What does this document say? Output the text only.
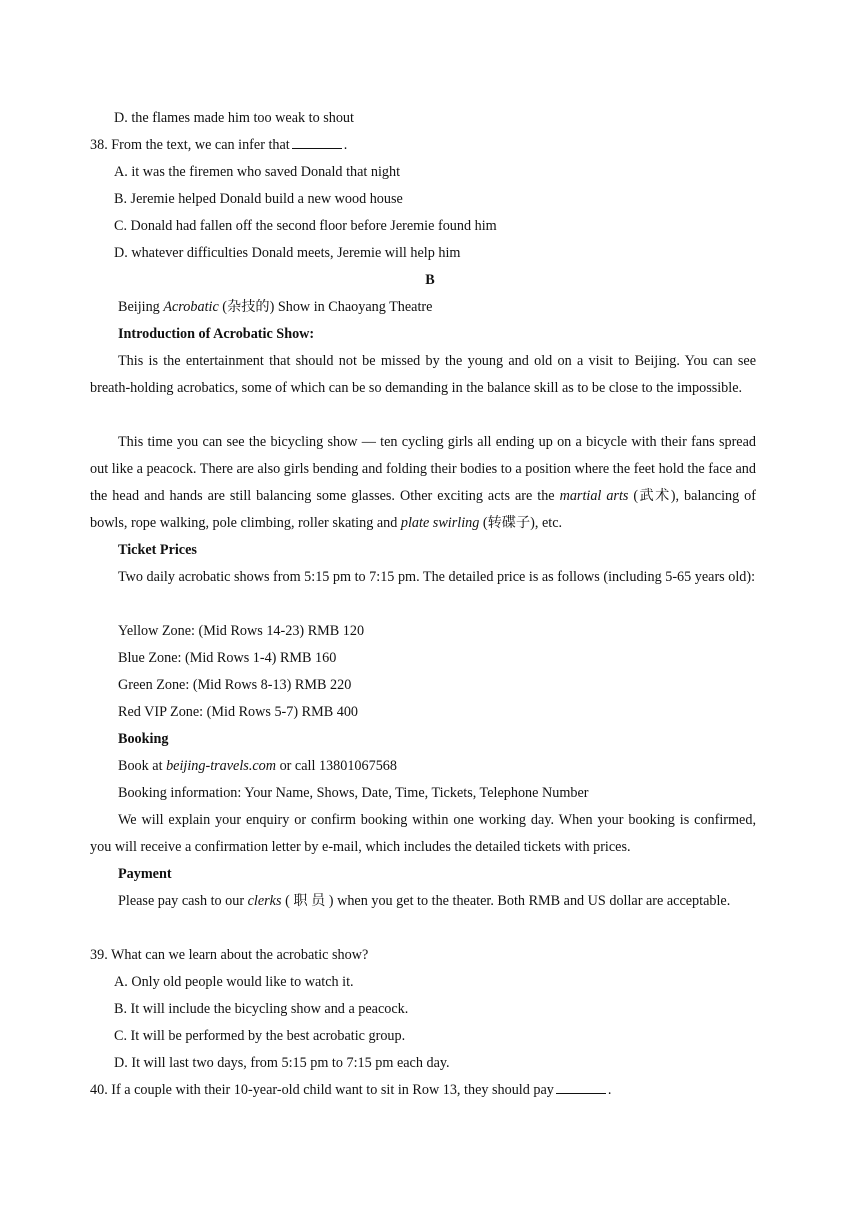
D. the flames made him too weak to shout
38. From the text, we can infer that	.
A. it was the firemen who saved Donald that night
B. Jeremie helped Donald build a new wood house
C. Donald had fallen off the second floor before Jeremie found him
D. whatever difficulties Donald meets, Jeremie will help him
B
Beijing Acrobatic (杂技的) Show in Chaoyang Theatre
Introduction of Acrobatic Show:
This is the entertainment that should not be missed by the young and old on a visit to Beijing. You can see breath-holding acrobatics, some of which can be so demanding in the balance skill as to be close to the impossible.
This time you can see the bicycling show — ten cycling girls all ending up on a bicycle with their fans spread out like a peacock. There are also girls bending and folding their bodies to a position where the feet hold the face and the head and hands are still balancing some glasses. Other exciting acts are the martial arts (武术), balancing of bowls, rope walking, pole climbing, roller skating and plate swirling (转碟子), etc.
Ticket Prices
Two daily acrobatic shows from 5:15 pm to 7:15 pm. The detailed price is as follows (including 5-65 years old):
Yellow Zone: (Mid Rows 14-23) RMB 120
Blue Zone: (Mid Rows 1-4) RMB 160
Green Zone: (Mid Rows 8-13) RMB 220
Red VIP Zone: (Mid Rows 5-7) RMB 400
Booking
Book at beijing-travels.com or call 13801067568
Booking information: Your Name, Shows, Date, Time, Tickets, Telephone Number
We will explain your enquiry or confirm booking within one working day. When your booking is confirmed, you will receive a confirmation letter by e-mail, which includes the detailed tickets with prices.
Payment
Please pay cash to our clerks ( 职 员 ) when you get to the theater. Both RMB and US dollar are acceptable.
39. What can we learn about the acrobatic show?
A. Only old people would like to watch it.
B. It will include the bicycling show and a peacock.
C. It will be performed by the best acrobatic group.
D. It will last two days, from 5:15 pm to 7:15 pm each day.
40. If a couple with their 10-year-old child want to sit in Row 13, they should pay	.
